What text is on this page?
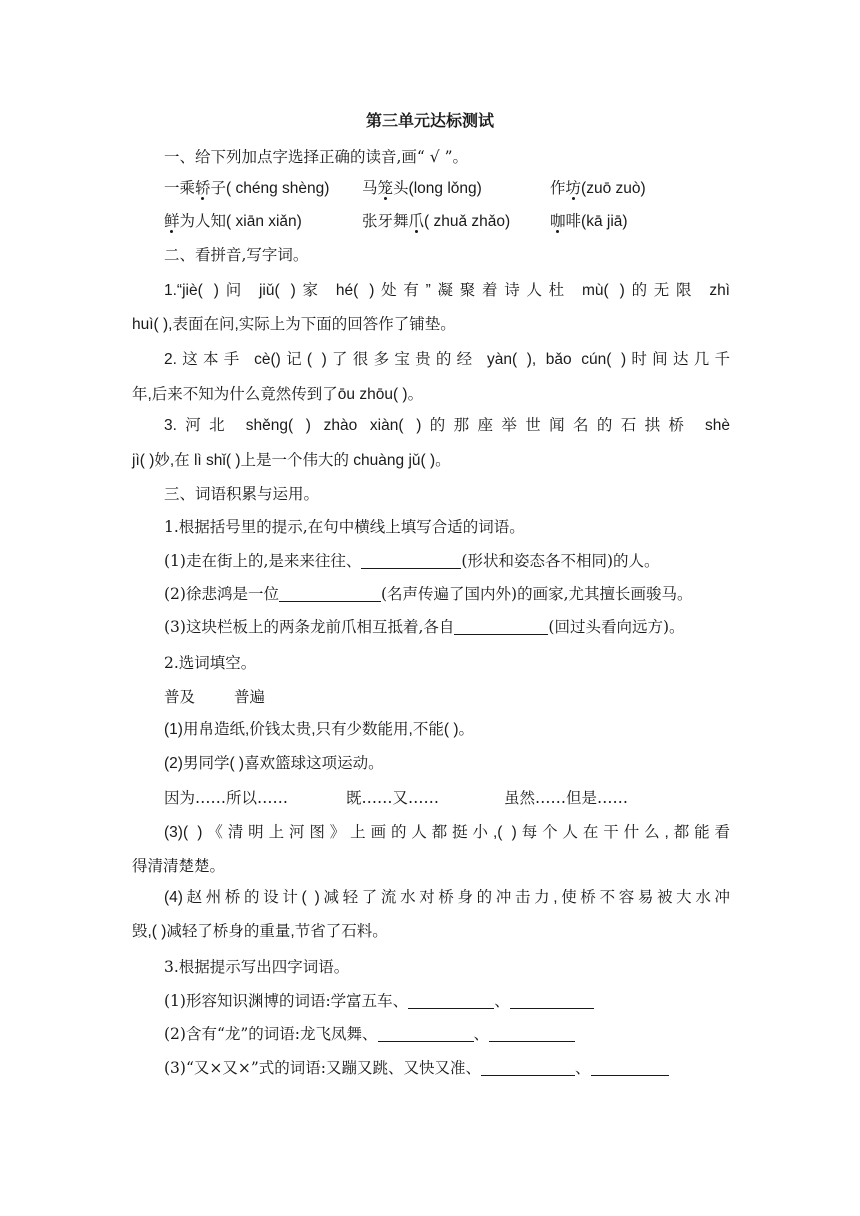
第三单元达标测试
一、给下列加点字选择正确的读音,画“ √ ”。
一乘轿子( chéng shèng) 马笼头(long lǒng)	作坊(zuō zuò)
鲜为人知( xiān xiǎn)	张牙舞爪( zhuǎ zhǎo)	咖啡(kā jiā)
二、看拼音,写字词。
1.“jiè( )问 jiǔ( )家 hé( )处有”凝聚着诗人杜 mù( )的无限 zhì
huì( ),表面在问,实际上为下面的回答作了铺垫。
2.这本手 cè()记( )了很多宝贵的经 yàn( ), bǎo cún( )时间达几千
年,后来不知为什么竟然传到了ōu zhōu( )。
3.河北 shěng( ) zhào xiàn( )的那座举世闻名的石拱桥 shè
jì( )妙,在 lì shǐ( )上是一个伟大的 chuàng jǔ( )。
三、词语积累与运用。
1.根据括号里的提示,在句中横线上填写合适的词语。
(1)走在街上的,是来来往往、	(形状和姿态各不相同)的人。
(2)徐悲鸿是一位	(名声传遍了国内外)的画家,尤其擅长画骏马。
(3)这块栏板上的两条龙前爪相互抵着,各自	(回过头看向远方)。
2.选词填空。
普及	普遍
(1)用帛造纸,价钱太贵,只有少数能用,不能( )。
(2)男同学( )喜欢篮球这项运动。
因为……所以……	既……又……	虽然……但是……
(3)( )《清明上河图》上画的人都挺小,( )每个人在干什么,都能看
得清清楚楚。
(4)赵州桥的设计( )减轻了流水对桥身的冲击力,使桥不容易被大水冲
毁,( )减轻了桥身的重量,节省了石料。
3.根据提示写出四字词语。
(1)形容知识渊博的词语:学富五车、	、
(2)含有“龙”的词语:龙飞凤舞、	、
(3)“又×又×”式的词语:又蹦又跳、又快又准、	、
